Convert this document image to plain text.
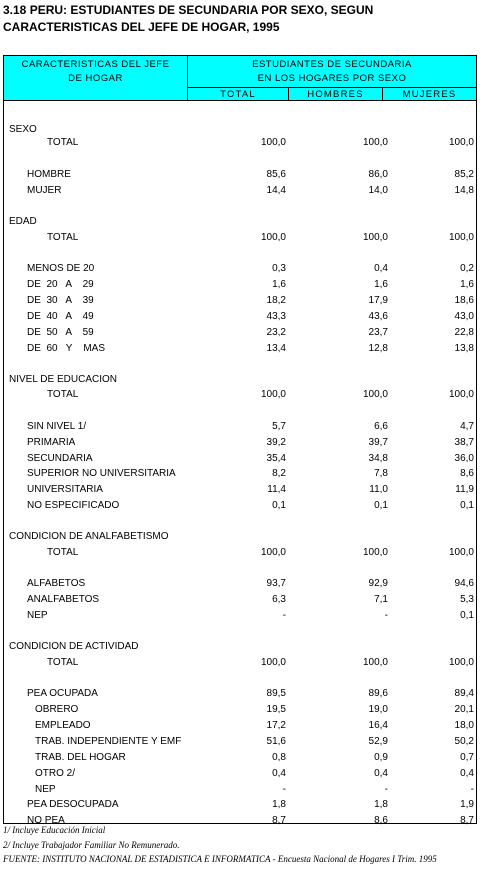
3.18 PERU: ESTUDIANTES DE SECUNDARIA POR SEXO, SEGUN
CARACTERISTICAS DEL JEFE DE HOGAR, 1995
CARACTERISTICAS DEL JEFE
DE HOGAR
ESTUDIANTES DE SECUNDARIA
EN LOS HOGARES POR SEXO
TOTAL	HOMBRES	MUJERES
SEXO
TOTAL	100,0	100,0	100,0
HOMBRE	85,6	86,0	85,2
MUJER	14,4	14,0	14,8
EDAD
TOTAL	100,0	100,0	100,0
MENOS DE 20	0,3	0,4	0,2
DE  20   A    29	1,6	1,6	1,6
DE  30   A    39	18,2	17,9	18,6
DE  40   A    49	43,3	43,6	43,0
DE  50   A    59	23,2	23,7	22,8
DE  60   Y    MAS	13,4	12,8	13,8
NIVEL DE EDUCACION
TOTAL	100,0	100,0	100,0
SIN NIVEL 1/	5,7	6,6	4,7
PRIMARIA	39,2	39,7	38,7
SECUNDARIA	35,4	34,8	36,0
SUPERIOR NO UNIVERSITARIA	8,2	7,8	8,6
UNIVERSITARIA	11,4	11,0	11,9
NO ESPECIFICADO	0,1	0,1	0,1
CONDICION DE ANALFABETISMO
TOTAL	100,0	100,0	100,0
ALFABETOS	93,7	92,9	94,6
ANALFABETOS	6,3	7,1	5,3
NEP	-	-	0,1
CONDICION DE ACTIVIDAD
TOTAL	100,0	100,0	100,0
PEA OCUPADA	89,5	89,6	89,4
OBRERO	19,5	19,0	20,1
EMPLEADO	17,2	16,4	18,0
TRAB. INDEPENDIENTE Y EMF	51,6	52,9	50,2
TRAB. DEL HOGAR	0,8	0,9	0,7
OTRO 2/	0,4	0,4	0,4
NEP	-	-	-
PEA DESOCUPADA	1,8	1,8	1,9
NO PEA	8,7	8,6	8,7
1/ Incluye Educación Inicial
2/ Incluye Trabajador Familiar No Remunerado.
FUENTE: INSTITUTO NACIONAL DE ESTADISTICA E INFORMATICA - Encuesta Nacional de Hogares I Trim. 1995
